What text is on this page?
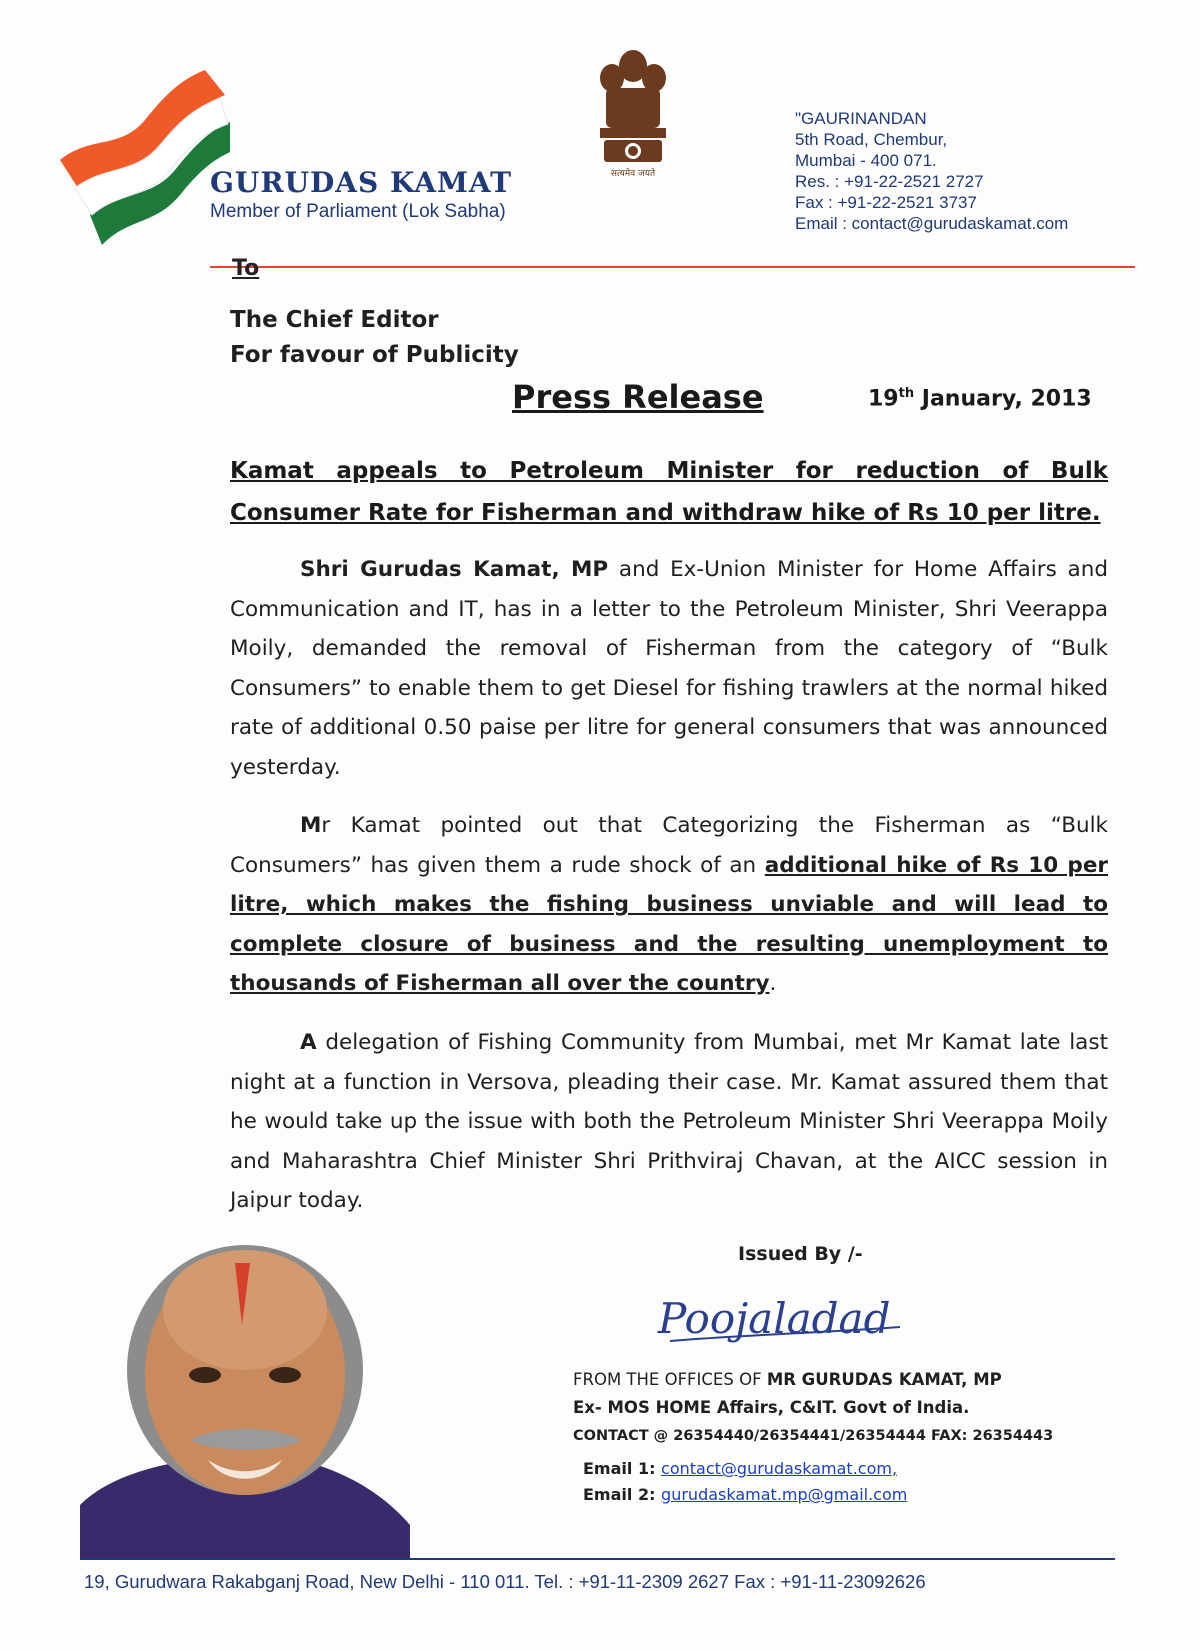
GURUDAS KAMAT
Member of Parliament (Lok Sabha)
सत्यमेव जयते
"GAURINANDAN
5th Road, Chembur,
Mumbai - 400 071.
Res. : +91-22-2521 2727
Fax : +91-22-2521 3737
Email : contact@gurudaskamat.com
To
The Chief Editor
For favour of Publicity
Press Release	19th January, 2013
Kamat appeals to Petroleum Minister for reduction of Bulk Consumer Rate for Fisherman and withdraw hike of Rs 10 per litre.
Shri Gurudas Kamat, MP and Ex-Union Minister for Home Affairs and Communication and IT, has in a letter to the Petroleum Minister, Shri Veerappa Moily, demanded the removal of Fisherman from the category of “Bulk Consumers” to enable them to get Diesel for fishing trawlers at the normal hiked rate of additional 0.50 paise per litre for general consumers that was announced yesterday.
Mr Kamat pointed out that Categorizing the Fisherman as “Bulk Consumers” has given them a rude shock of an additional hike of Rs 10 per litre, which makes the fishing business unviable and will lead to complete closure of business and the resulting unemployment to thousands of Fisherman all over the country.
A delegation of Fishing Community from Mumbai, met Mr Kamat late last night at a function in Versova, pleading their case. Mr. Kamat assured them that he would take up the issue with both the Petroleum Minister Shri Veerappa Moily and Maharashtra Chief Minister Shri Prithviraj Chavan, at the AICC session in Jaipur today.
Issued By /-
Poojaladad
FROM THE OFFICES OF MR GURUDAS KAMAT, MP
Ex- MOS HOME Affairs, C&IT. Govt of India.
CONTACT @ 26354440/26354441/26354444 FAX: 26354443
Email 1: contact@gurudaskamat.com,
Email 2: gurudaskamat.mp@gmail.com
19, Gurudwara Rakabganj Road, New Delhi - 110 011. Tel. : +91-11-2309 2627 Fax : +91-11-23092626
